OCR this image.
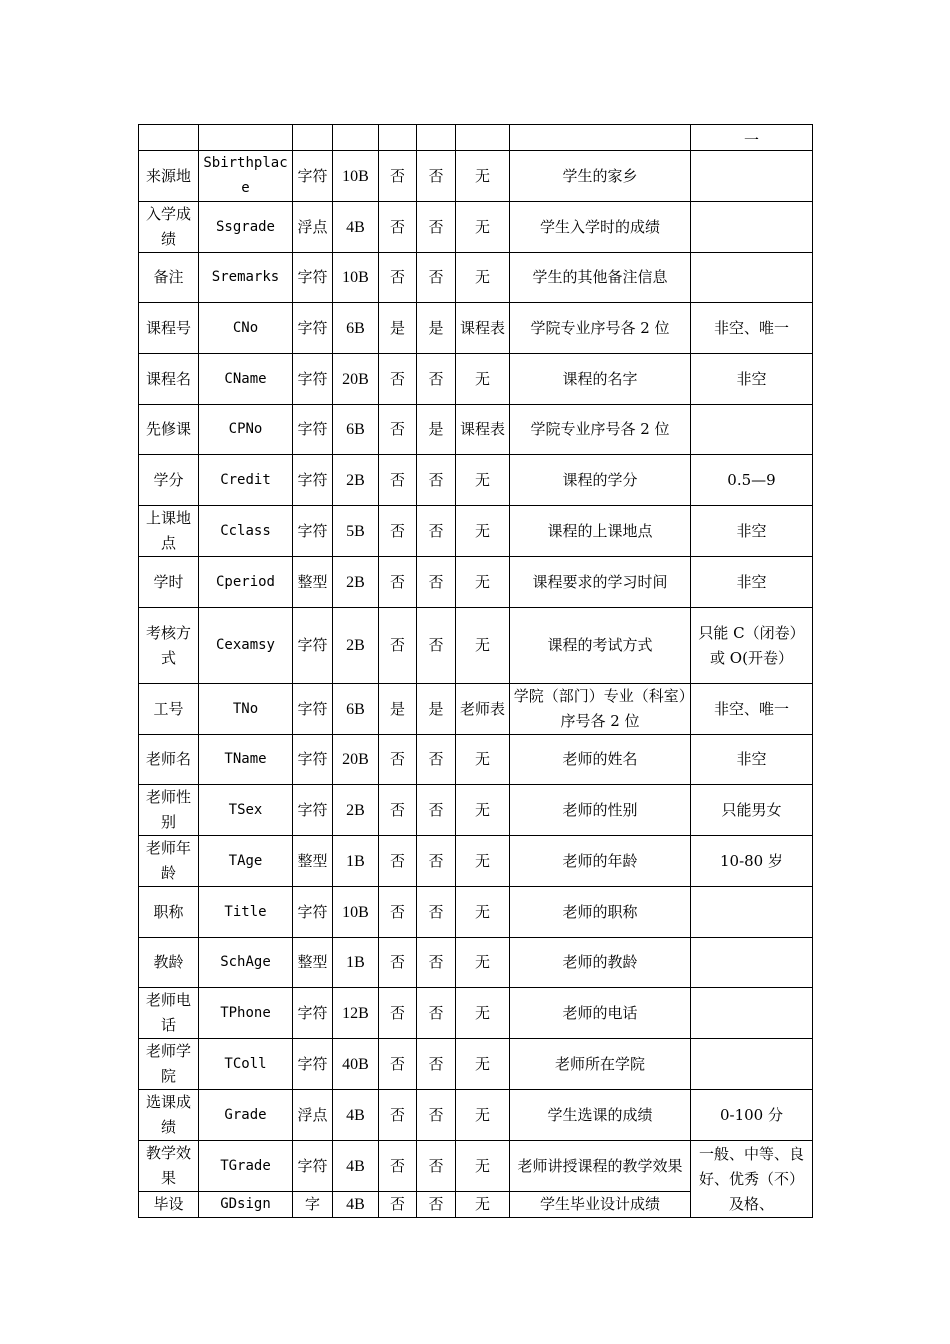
								一
来源地	Sbirthplace	字符	10B	否	否	无	学生的家乡	
入学成绩	Ssgrade	浮点	4B	否	否	无	学生入学时的成绩	
备注	Sremarks	字符	10B	否	否	无	学生的其他备注信息	
课程号	CNo	字符	6B	是	是	课程表	学院专业序号各 2 位	非空、唯一
课程名	CName	字符	20B	否	否	无	课程的名字	非空
先修课	CPNo	字符	6B	否	是	课程表	学院专业序号各 2 位	
学分	Credit	字符	2B	否	否	无	课程的学分	0.5—9
上课地点	Cclass	字符	5B	否	否	无	课程的上课地点	非空
学时	Cperiod	整型	2B	否	否	无	课程要求的学习时间	非空
考核方式	Cexamsy	字符	2B	否	否	无	课程的考试方式	只能 C（闭卷）或 O(开卷）
工号	TNo	字符	6B	是	是	老师表	学院（部门）专业（科室）序号各 2 位	非空、唯一
老师名	TName	字符	20B	否	否	无	老师的姓名	非空
老师性别	TSex	字符	2B	否	否	无	老师的性别	只能男女
老师年龄	TAge	整型	1B	否	否	无	老师的年龄	10-80 岁
职称	Title	字符	10B	否	否	无	老师的职称	
教龄	SchAge	整型	1B	否	否	无	老师的教龄	
老师电话	TPhone	字符	12B	否	否	无	老师的电话	
老师学院	TColl	字符	40B	否	否	无	老师所在学院	
选课成绩	Grade	浮点	4B	否	否	无	学生选课的成绩	0-100 分
教学效果	TGrade	字符	4B	否	否	无	老师讲授课程的教学效果	一般、中等、良好、优秀（不）及格、
毕设	GDsign	字	4B	否	否	无	学生毕业设计成绩	
